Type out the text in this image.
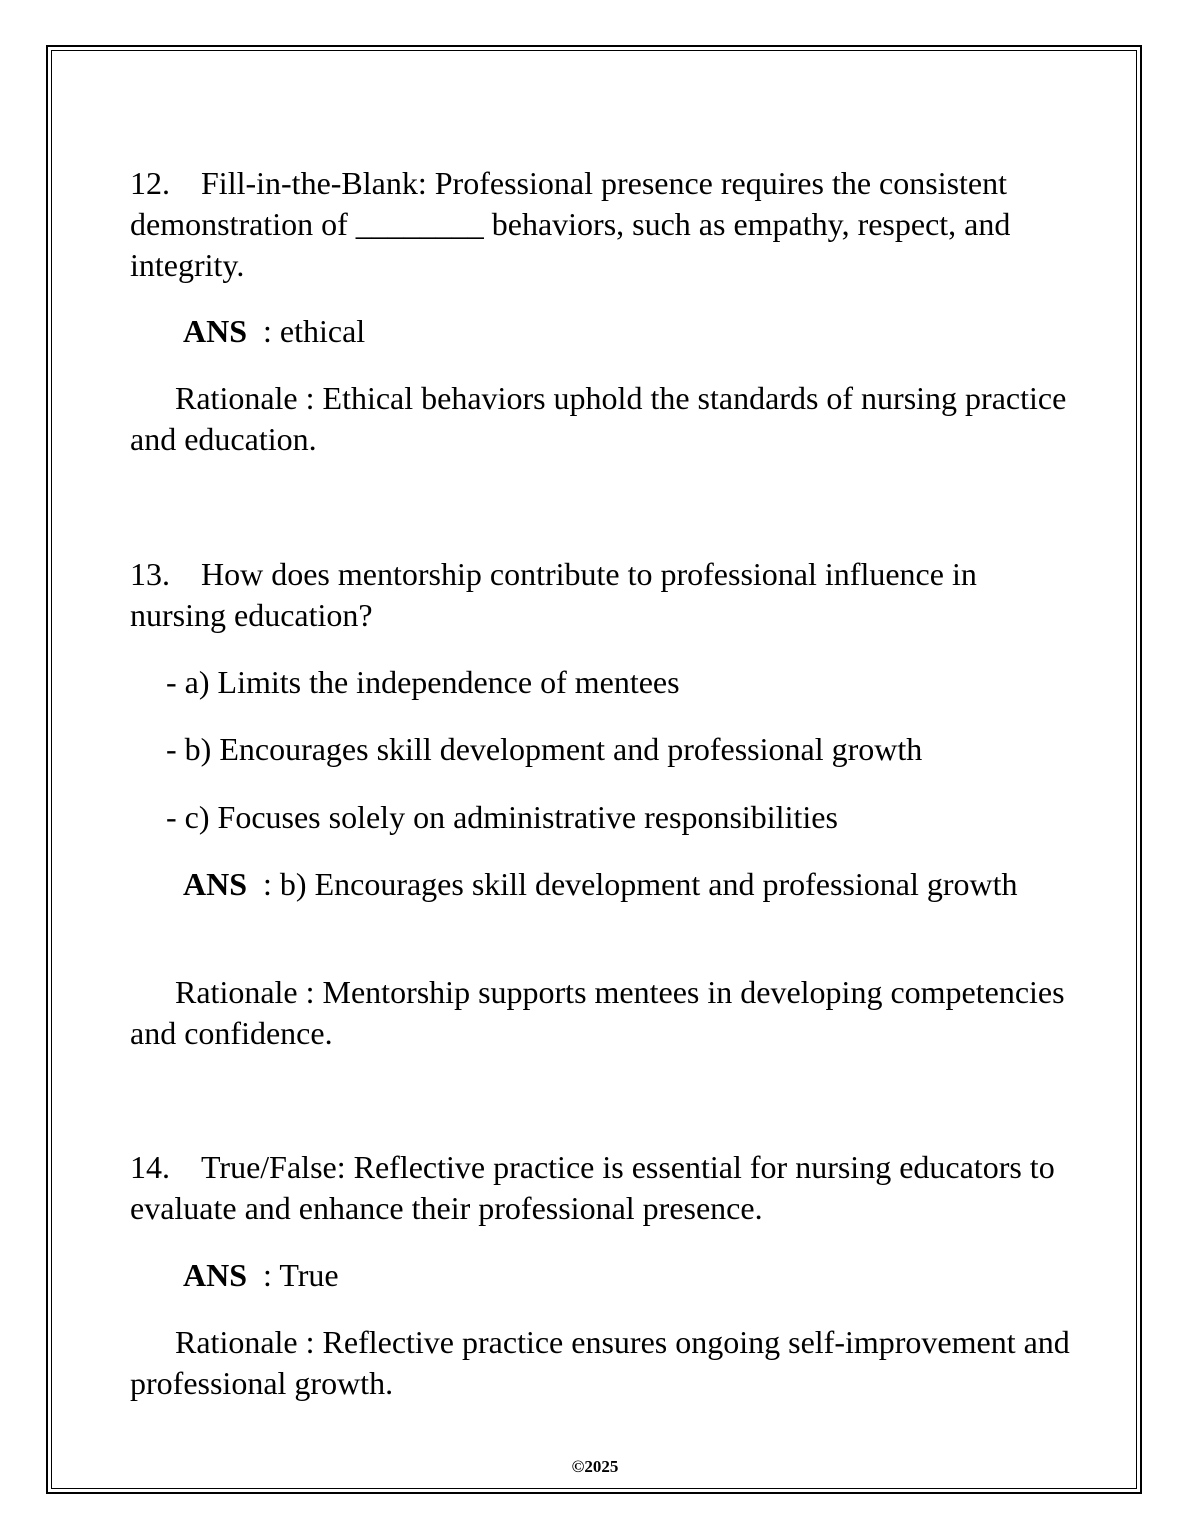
12. Fill-in-the-Blank: Professional presence requires the consistent demonstration of ________ behaviors, such as empathy, respect, and integrity.
ANS : ethical
Rationale : Ethical behaviors uphold the standards of nursing practice and education.
13. How does mentorship contribute to professional influence in nursing education?
- a) Limits the independence of mentees
- b) Encourages skill development and professional growth
- c) Focuses solely on administrative responsibilities
ANS : b) Encourages skill development and professional growth
Rationale : Mentorship supports mentees in developing competencies and confidence.
14. True/False: Reflective practice is essential for nursing educators to evaluate and enhance their professional presence.
ANS : True
Rationale : Reflective practice ensures ongoing self-improvement and professional growth.
©2025
